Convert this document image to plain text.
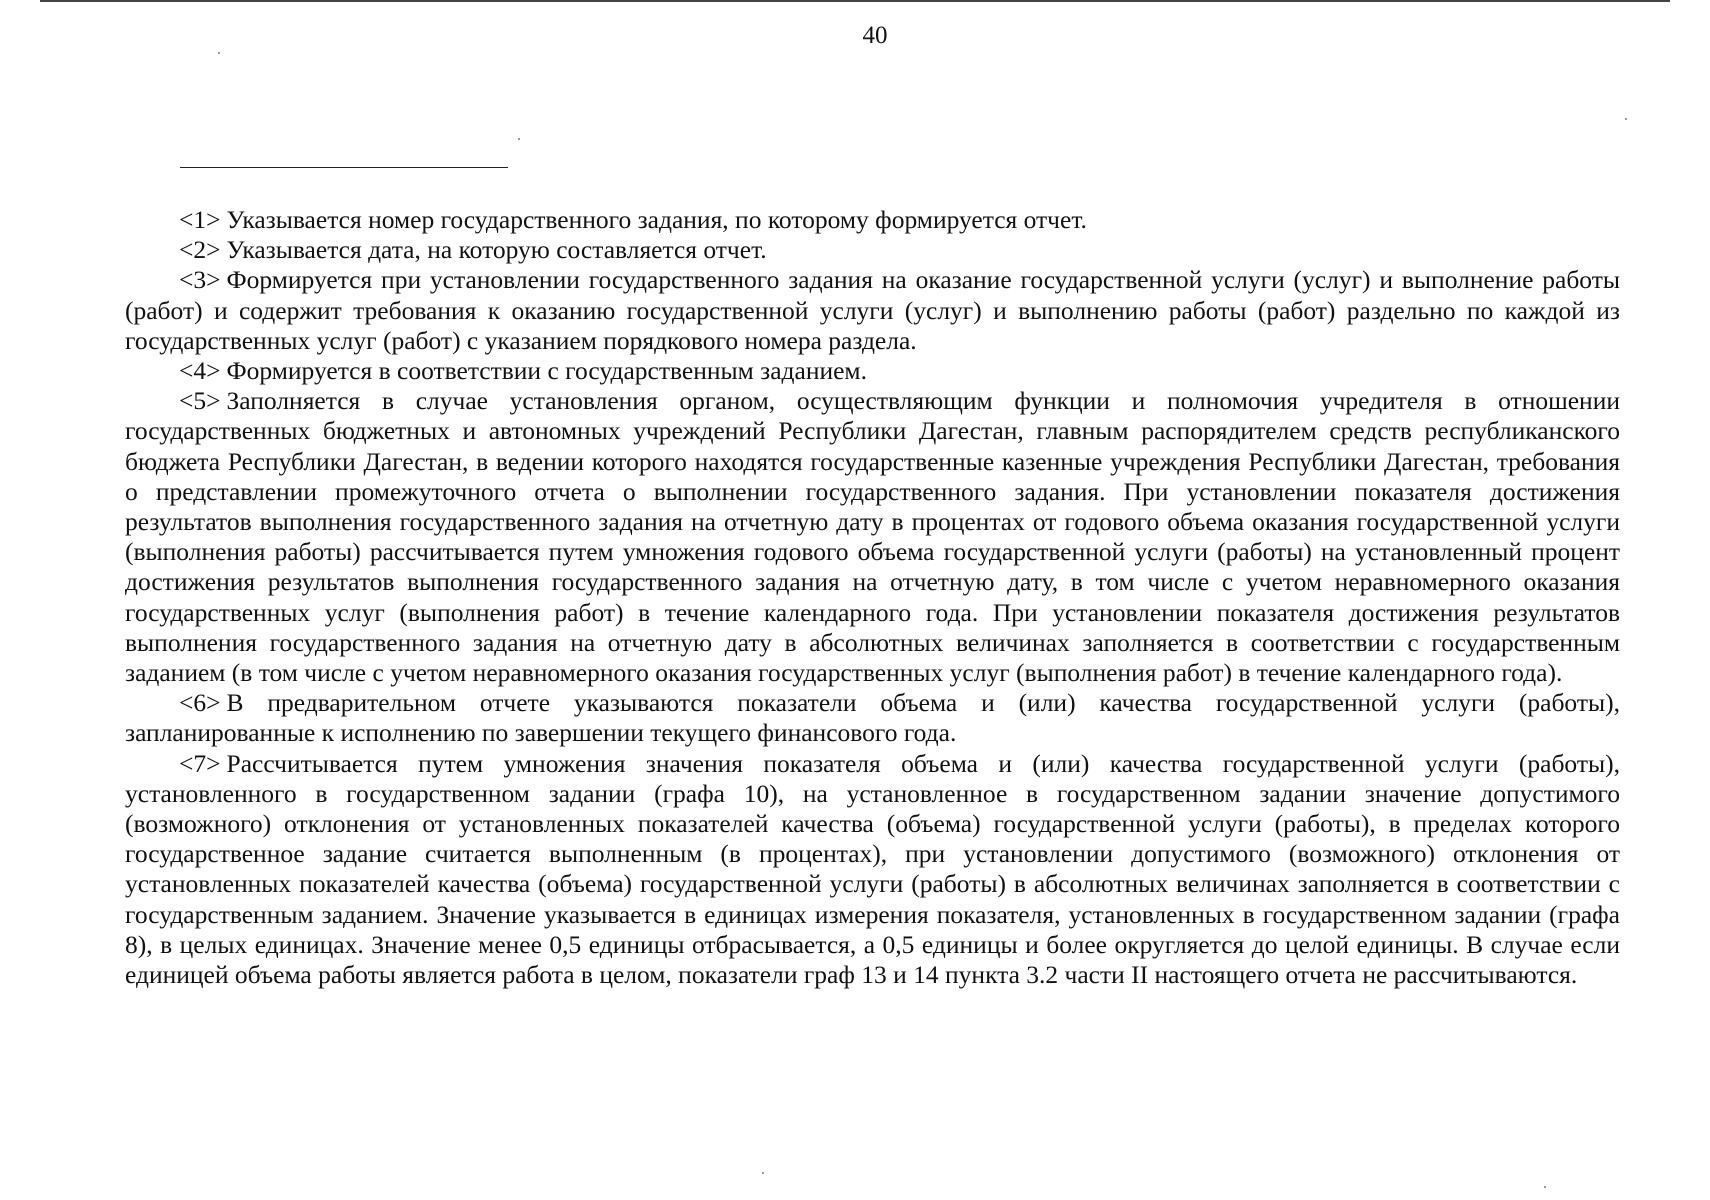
40

<1> Указывается номер государственного задания, по которому формируется отчет.

<2> Указывается дата, на которую составляется отчет.

<3> Формируется при установлении государственного задания на оказание государственной услуги (услуг) и выполнение работы (работ) и содержит требования к оказанию государственной услуги (услуг) и выполнению работы (работ) раздельно по каждой из государственных услуг (работ) с указанием порядкового номера раздела.

<4> Формируется в соответствии с государственным заданием.

<5> Заполняется в случае установления органом, осуществляющим функции и полномочия учредителя в отношении государственных бюджетных и автономных учреждений Республики Дагестан, главным распорядителем средств республиканского бюджета Республики Дагестан, в ведении которого находятся государственные казенные учреждения Республики Дагестан, требования о представлении промежуточного отчета о выполнении государственного задания. При установлении показателя достижения результатов выполнения государственного задания на отчетную дату в процентах от годового объема оказания государственной услуги (выполнения работы) рассчитывается путем умножения годового объема государственной услуги (работы) на установленный процент достижения результатов выполнения государственного задания на отчетную дату, в том числе с учетом неравномерного оказания государственных услуг (выполнения работ) в течение календарного года. При установлении показателя достижения результатов выполнения государственного задания на отчетную дату в абсолютных величинах заполняется в соответствии с государственным заданием (в том числе с учетом неравномерного оказания государственных услуг (выполнения работ) в течение календарного года).

<6> В предварительном отчете указываются показатели объема и (или) качества государственной услуги (работы), запланированные к исполнению по завершении текущего финансового года.

<7> Рассчитывается путем умножения значения показателя объема и (или) качества государственной услуги (работы), установленного в государственном задании (графа 10), на установленное в государственном задании значение допустимого (возможного) отклонения от установленных показателей качества (объема) государственной услуги (работы), в пределах которого государственное задание считается выполненным (в процентах), при установлении допустимого (возможного) отклонения от установленных показателей качества (объема) государственной услуги (работы) в абсолютных величинах заполняется в соответствии с государственным заданием. Значение указывается в единицах измерения показателя, установленных в государственном задании (графа 8), в целых единицах. Значение менее 0,5 единицы отбрасывается, а 0,5 единицы и более округляется до целой единицы. В случае если единицей объема работы является работа в целом, показатели граф 13 и 14 пункта 3.2 части II настоящего отчета не рассчитываются.
